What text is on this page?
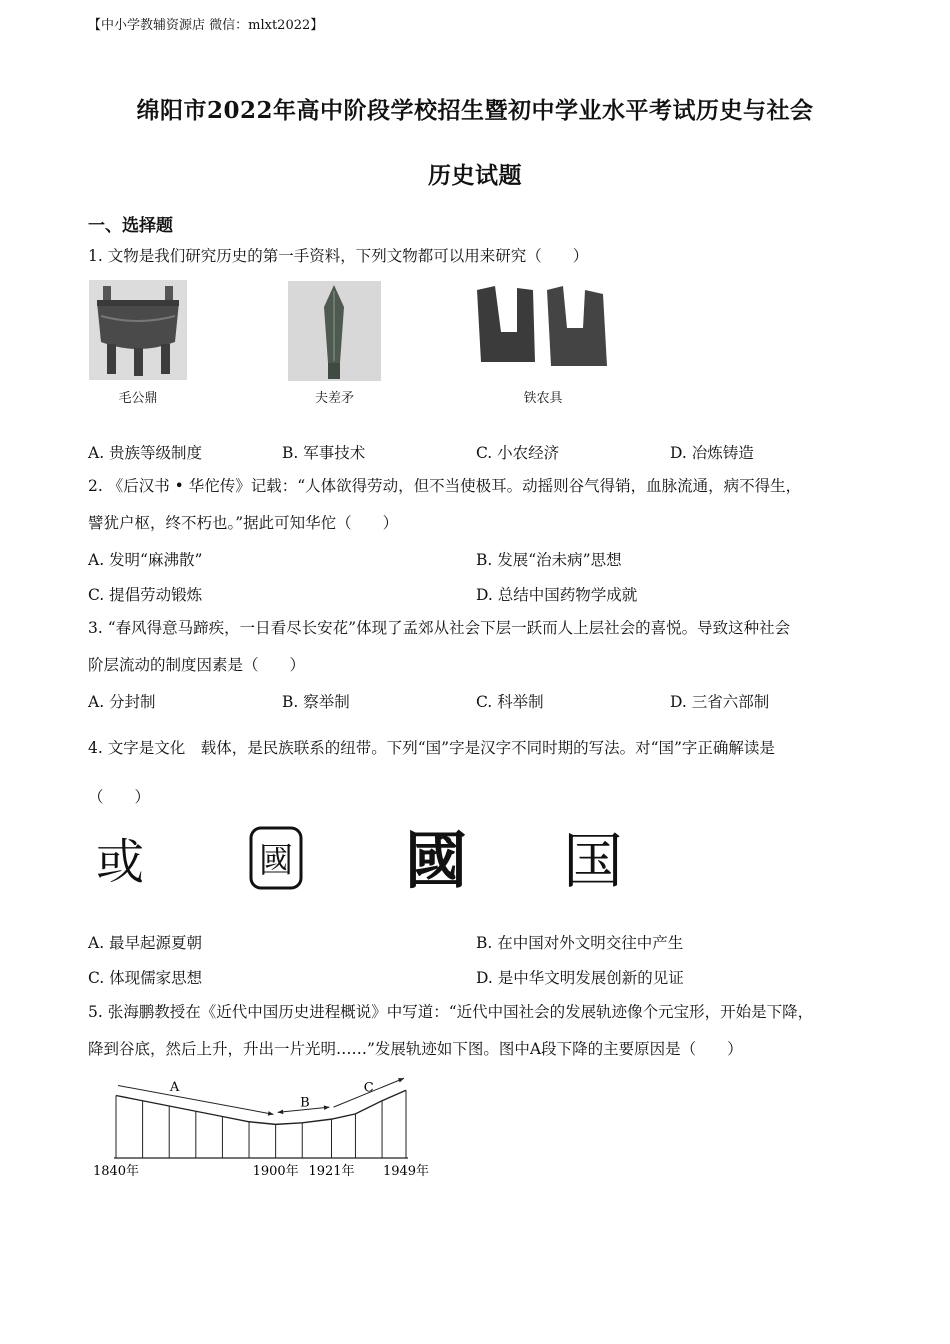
【中小学教辅资源店 微信：mlxt2022】
绵阳市2022年高中阶段学校招生暨初中学业水平考试历史与社会
历史试题
一、选择题
1. 文物是我们研究历史的第一手资料，下列文物都可以用来研究（　　）
毛公鼎	夫差矛	铁农具
A. 贵族等级制度	B. 军事技术	C. 小农经济	D. 冶炼铸造
2. 《后汉书 • 华佗传》记载：“人体欲得劳动，但不当使极耳。动摇则谷气得销，血脉流通，病不得生，
譬犹户枢，终不朽也。”据此可知华佗（　　）
A. 发明“麻沸散”	B. 发展“治未病”思想
C. 提倡劳动锻炼	D. 总结中国药物学成就
3. “春风得意马蹄疾，一日看尽长安花”体现了孟郊从社会下层一跃而人上层社会的喜悦。导致这种社会
阶层流动的制度因素是（　　）
A. 分封制	B. 察举制	C. 科举制	D. 三省六部制
4. 文字是文化　载体，是民族联系的纽带。下列“国”字是汉字不同时期的写法。对“国”字正确解读是
（　　）
或	國 國 国
A. 最早起源夏朝	B. 在中国对外文明交往中产生
C. 体现儒家思想	D. 是中华文明发展创新的见证
5. 张海鹏教授在《近代中国历史进程概说》中写道：“近代中国社会的发展轨迹像个元宝形，开始是下降，
降到谷底，然后上升，升出一片光明……”发展轨迹如下图。图中A段下降的主要原因是（　　）
1840年	1900年 1921年 1949年
A
B
C
